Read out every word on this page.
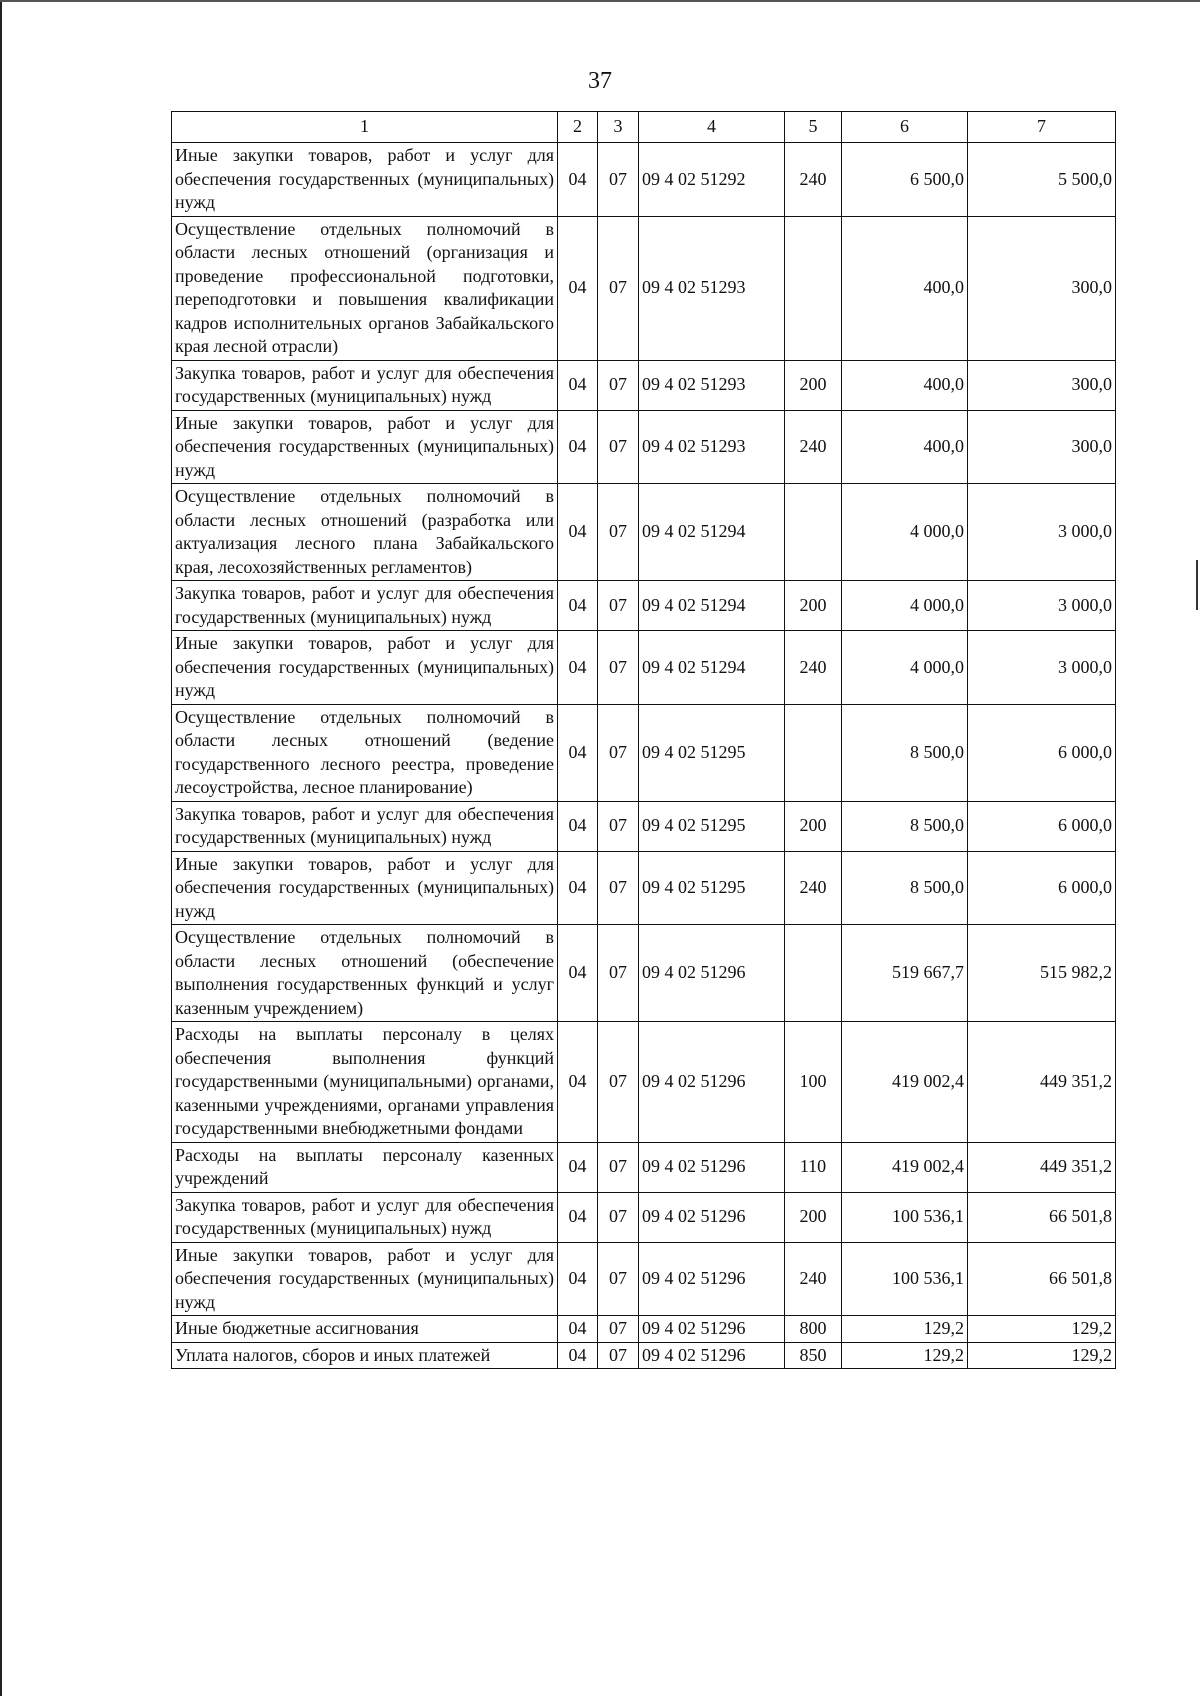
37
1	2	3	4	5	6	7
Иные закупки товаров, работ и услуг для обеспечения государственных (муниципальных) нужд	04	07	09 4 02 51292	240	6 500,0	5 500,0
Осуществление отдельных полномочий в области лесных отношений (организация и проведение профессиональной подготовки, переподготовки и повышения квалификации кадров исполнительных органов Забайкальского края лесной отрасли)	04	07	09 4 02 51293		400,0	300,0
Закупка товаров, работ и услуг для обеспечения государственных (муниципальных) нужд	04	07	09 4 02 51293	200	400,0	300,0
Иные закупки товаров, работ и услуг для обеспечения государственных (муниципальных) нужд	04	07	09 4 02 51293	240	400,0	300,0
Осуществление отдельных полномочий в области лесных отношений (разработка или актуализация лесного плана Забайкальского края, лесохозяйственных регламентов)	04	07	09 4 02 51294		4 000,0	3 000,0
Закупка товаров, работ и услуг для обеспечения государственных (муниципальных) нужд	04	07	09 4 02 51294	200	4 000,0	3 000,0
Иные закупки товаров, работ и услуг для обеспечения государственных (муниципальных) нужд	04	07	09 4 02 51294	240	4 000,0	3 000,0
Осуществление отдельных полномочий в области лесных отношений (ведение государственного лесного реестра, проведение лесоустройства, лесное планирование)	04	07	09 4 02 51295		8 500,0	6 000,0
Закупка товаров, работ и услуг для обеспечения государственных (муниципальных) нужд	04	07	09 4 02 51295	200	8 500,0	6 000,0
Иные закупки товаров, работ и услуг для обеспечения государственных (муниципальных) нужд	04	07	09 4 02 51295	240	8 500,0	6 000,0
Осуществление отдельных полномочий в области лесных отношений (обеспечение выполнения государственных функций и услуг казенным учреждением)	04	07	09 4 02 51296		519 667,7	515 982,2
Расходы на выплаты персоналу в целях обеспечения выполнения функций государственными (муниципальными) органами, казенными учреждениями, органами управления государственными внебюджетными фондами	04	07	09 4 02 51296	100	419 002,4	449 351,2
Расходы на выплаты персоналу казенных учреждений	04	07	09 4 02 51296	110	419 002,4	449 351,2
Закупка товаров, работ и услуг для обеспечения государственных (муниципальных) нужд	04	07	09 4 02 51296	200	100 536,1	66 501,8
Иные закупки товаров, работ и услуг для обеспечения государственных (муниципальных) нужд	04	07	09 4 02 51296	240	100 536,1	66 501,8
Иные бюджетные ассигнования	04	07	09 4 02 51296	800	129,2	129,2
Уплата налогов, сборов и иных платежей	04	07	09 4 02 51296	850	129,2	129,2
